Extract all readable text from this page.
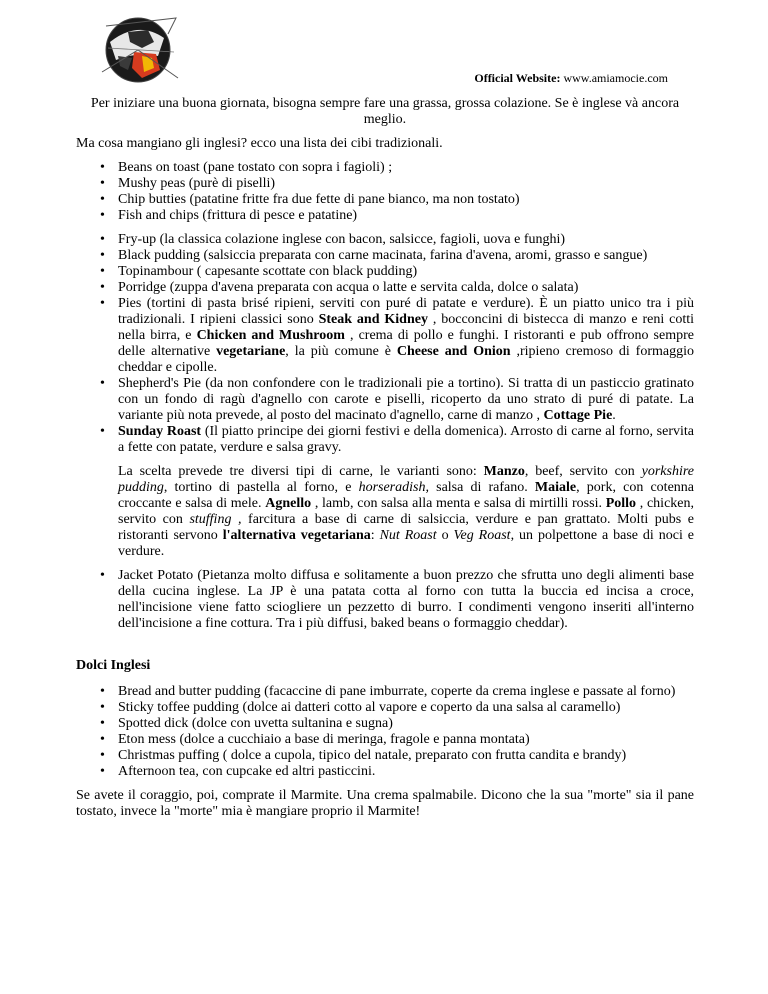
Official Website: www.amiamocie.com

Per iniziare una buona giornata, bisogna sempre fare una grassa, grossa colazione. Se è inglese và ancora meglio.

Ma cosa mangiano gli inglesi? ecco una lista dei cibi tradizionali.

• Beans on toast (pane tostato con sopra i fagioli) ;
• Mushy peas (purè di piselli)
• Chip butties (patatine fritte fra due fette di pane bianco, ma non tostato)
• Fish and chips (frittura di pesce e patatine)
• Fry-up (la classica colazione inglese con bacon, salsicce, fagioli, uova e funghi)
• Black pudding (salsiccia preparata con carne macinata, farina d'avena, aromi, grasso e sangue)
• Topinambour ( capesante scottate con black pudding)
• Porridge (zuppa d'avena preparata con acqua o latte e servita calda, dolce o salata)
• Pies (tortini di pasta brisé ripieni, serviti con puré di patate e verdure). È un piatto unico tra i più tradizionali. I ripieni classici sono Steak and Kidney , bocconcini di bistecca di manzo e reni cotti nella birra, e Chicken and Mushroom , crema di pollo e funghi. I ristoranti e pub offrono sempre delle alternative vegetariane, la più comune è Cheese and Onion ,ripieno cremoso di formaggio cheddar e cipolle.
• Shepherd's Pie (da non confondere con le tradizionali pie a tortino). Si tratta di un pasticcio gratinato con un fondo di ragù d'agnello con carote e piselli, ricoperto da uno strato di puré di patate. La variante più nota prevede, al posto del macinato d'agnello, carne di manzo , Cottage Pie.
• Sunday Roast (Il piatto principe dei giorni festivi e della domenica). Arrosto di carne al forno, servita a fette con patate, verdure e salsa gravy.

La scelta prevede tre diversi tipi di carne, le varianti sono: Manzo, beef, servito con yorkshire pudding, tortino di pastella al forno, e horseradish, salsa di rafano. Maiale, pork, con cotenna croccante e salsa di mele. Agnello , lamb, con salsa alla menta e salsa di mirtilli rossi. Pollo , chicken, servito con stuffing , farcitura a base di carne di salsiccia, verdure e pan grattato. Molti pubs e ristoranti servono l'alternativa vegetariana: Nut Roast o Veg Roast, un polpettone a base di noci e verdure.

• Jacket Potato (Pietanza molto diffusa e solitamente a buon prezzo che sfrutta uno degli alimenti base della cucina inglese. La JP è una patata cotta al forno con tutta la buccia ed incisa a croce, nell'incisione viene fatto sciogliere un pezzetto di burro. I condimenti vengono inseriti all'interno dell'incisione a fine cottura. Tra i più diffusi, baked beans o formaggio cheddar).

Dolci Inglesi

• Bread and butter pudding (facaccine di pane imburrate, coperte da crema inglese e passate al forno)
• Sticky toffee pudding (dolce ai datteri cotto al vapore e coperto da una salsa al caramello)
• Spotted dick (dolce con uvetta sultanina e sugna)
• Eton mess (dolce a cucchiaio a base di meringa, fragole e panna montata)
• Christmas puffing ( dolce a cupola, tipico del natale, preparato con frutta candita e brandy)
• Afternoon tea, con cupcake ed altri pasticcini.

Se avete il coraggio, poi, comprate il Marmite. Una crema spalmabile. Dicono che la sua "morte" sia il pane tostato, invece la "morte" mia è mangiare proprio il Marmite!
